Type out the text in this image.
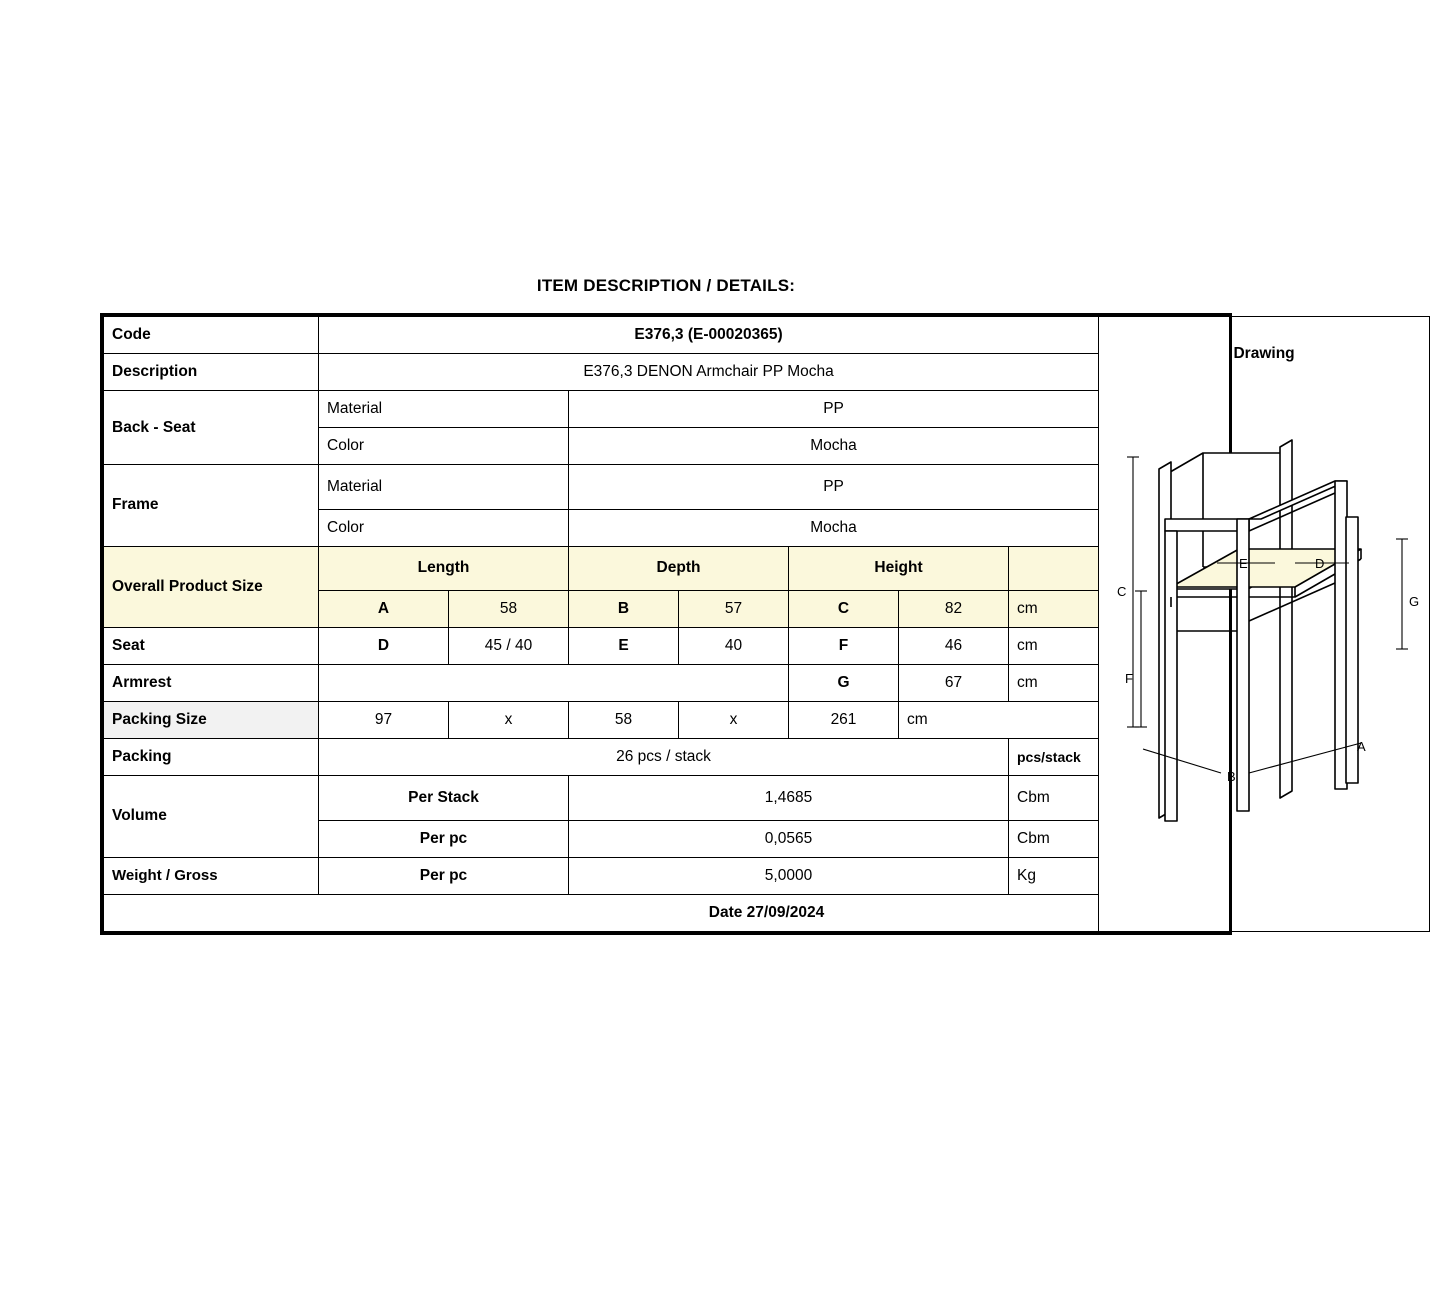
ITEM DESCRIPTION / DETAILS:
Code	E376,3 (E-00020365)							Drawing
Description	E376,3 DENON Armchair PP Mocha							
Back - Seat	Material	PP	
C
F
E	D
G
B
A

	Color		Mocha					
Frame	Material		PP					
	Color		Mocha					
Overall Product Size	Length		Depth		Height			
	A	58	B	57	C	82	cm	
Seat	D	45 / 40	E	40	F	46	cm	
Armrest					G	67	cm	
Packing Size	97	x	58	x	261	cm		
Packing	26 pcs / stack						pcs/stack	
Volume	Per Stack		1,4685				Cbm	
	Per pc		0,0565				Cbm	
Weight / Gross	Per pc		5,0000				Kg	
Date 27/09/2024								
